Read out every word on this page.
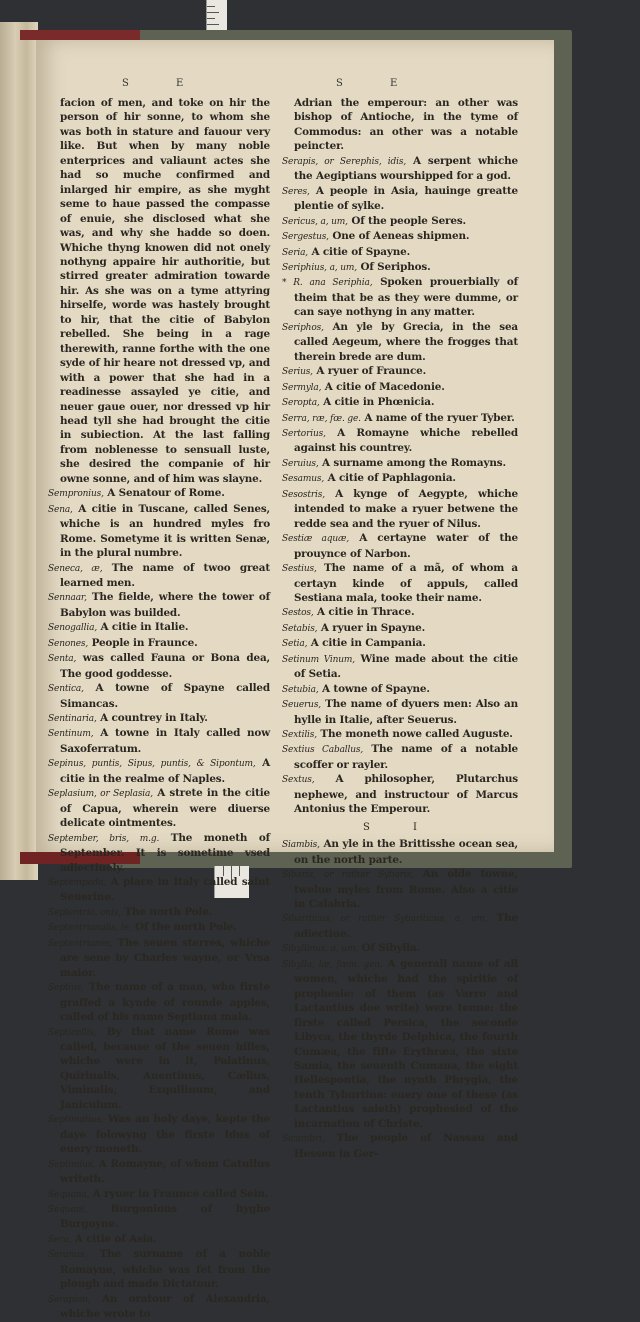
S E	S E
facion of men, and toke on hir the person of hir sonne, to whom she was both in stature and fauour very like. But when by many noble enterprices and valiaunt actes she had so muche confirmed and inlarged hir empire, as she myght seme to haue passed the compasse of enuie, she disclosed what she was, and why she hadde so doen. Whiche thyng knowen did not onely nothyng appaire hir authoritie, but stirred greater admiration towarde hir. As she was on a tyme attyring hirselfe, worde was hastely brought to hir, that the citie of Babylon rebelled. She being in a rage therewith, ranne forthe with the one syde of hir heare not dressed vp, and with a power that she had in a readinesse assayled ye citie, and neuer gaue ouer, nor dressed vp hir head tyll she had brought the citie in subiection. At the last falling from noblenesse to sensuall luste, she desired the companie of hir owne sonne, and of him was slayne.
Sempronius, A Senatour of Rome.
Sena, A citie in Tuscane, called Senes, whiche is an hundred myles fro Rome. Sometyme it is written Senæ, in the plural numbre.
Seneca, æ, The name of twoo great learned men.
Sennaar, The fielde, where the tower of Babylon was builded.
Senogallia, A citie in Italie.
Senones, People in Fraunce.
Senta, was called Fauna or Bona dea, The good goddesse.
Sentica, A towne of Spayne called Simancas.
Sentinaria, A countrey in Italy.
Sentinum, A towne in Italy called now Saxoferratum.
Sepinus, puntis, Sipus, puntis, & Sipontum, A citie in the realme of Naples.
Seplasium, or Seplasia, A strete in the citie of Capua, wherein were diuerse delicate ointmentes.
September, bris, m.g. The moneth of September. It is sometime vsed adiectiuely.
Septempeda, A place in Italy called saint Seuerine.
Septentrio, onis, The north Pole.
Septentrionalis, le, Of the north Pole.
Septentriones, The seuen sterres, whiche are sene by Charles wayne, or Vrsa maior.
Septius, The name of a man, who firste graffed a kynde of rounde apples, called of his name Septiana mala.
Septicollis, By that name Rome was called, because of the seuen hilles, whiche were in it, Palatinus, Quirinalis, Auentinus, Cælius, Viminalis, Exquilinum, and Janiculum.
Septimatius, Was an holy daye, kepte the daye folowyng the firste Idus of euery moneth.
Septimius, A Romayne, of whom Catullus writeth.
Sequana, A ryuer in Fraunce called Sein.
Sequani, Burgonions of hyghe Burgoyne.
Sera, A citie of Asia.
Seranus, The surname of a noble Romayne, whiche was fet from the plough and made Dictatour.
Serapion, An oratour of Alexandria, whiche wrote to
Adrian the emperour: an other was bishop of Antioche, in the tyme of Commodus: an other was a notable peincter.
Serapis, or Serephis, idis, A serpent whiche the Aegiptians wourshipped for a god.
Seres, A people in Asia, hauinge greatte plentie of sylke.
Sericus, a, um, Of the people Seres.
Sergestus, One of Aeneas shipmen.
Seria, A citie of Spayne.
Seriphius, a, um, Of Seriphos.
* R. ana Seriphia, Spoken prouerbially of theim that be as they were dumme, or can saye nothyng in any matter.
Seriphos, An yle by Grecia, in the sea called Aegeum, where the frogges that therein brede are dum.
Serius, A ryuer of Fraunce.
Sermyla, A citie of Macedonie.
Seropta, A citie in Phœnicia.
Serra, ræ, fœ. ge. A name of the ryuer Tyber.
Sertorius, A Romayne whiche rebelled against his countrey.
Seruius, A surname among the Romayns.
Sesamus, A citie of Paphlagonia.
Sesostris, A kynge of Aegypte, whiche intended to make a ryuer betwene the redde sea and the ryuer of Nilus.
Sestiæ aquæ, A certayne water of the prouynce of Narbon.
Sestius, The name of a mã, of whom a certayn kinde of appuls, called Sestiana mala, tooke their name.
Sestos, A citie in Thrace.
Setabis, A ryuer in Spayne.
Setia, A citie in Campania.
Setinum Vinum, Wine made about the citie of Setia.
Setubia, A towne of Spayne.
Seuerus, The name of dyuers men: Also an hylle in Italie, after Seuerus.
Sextilis, The moneth nowe called Auguste.
Sextius Caballus, The name of a notable scoffer or rayler.
Sextus, A philosopher, Plutarchus nephewe, and instructour of Marcus Antonius the Emperour.
S I
Siambis, An yle in the Brittisshe ocean sea, on the north parte.
Sibaris, or rather Sybaris, An olde towne, twelue myles from Rome. Also a citie in Calabria.
Sibariticus, or rather Sybariticus, a, um, The adiectiue.
Sibyllinus, a, um, Of Sibylla.
Sibylla, læ, fœm. gen. A generall name of all women, whiche had the spiritie of prophesie: of them (as Varro and Lactantius doe write) were tenne: the firste called Persica, the seconde Libyca, the thyrde Delphica, the fourth Cumæa, the fifte Erythræa, the sixte Samia, the seuenth Cumana, the eight Hellespontia, the nynth Phrygia, the tenth Tyburtina: euery one of these (as Lactantius saieth) prophesied of the incarnation of Christe.
Sicambri, The people of Nassau and Hessen in Ger-
